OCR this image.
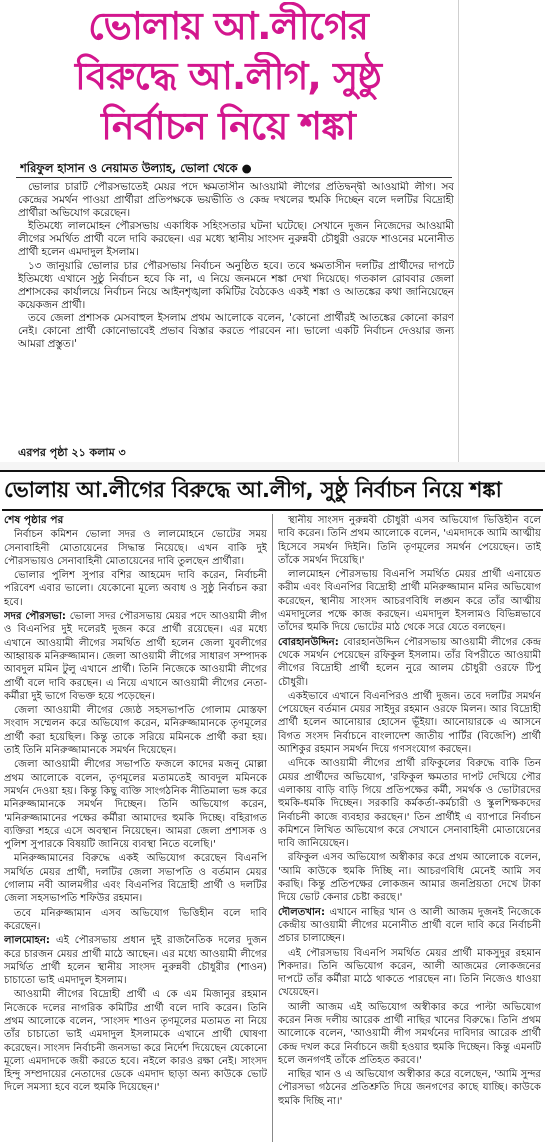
ভোলায় আ.লীগের
বিরুদ্ধে আ.লীগ, সুষ্ঠু
নির্বাচন নিয়ে শঙ্কা
শরিফুল হাসান ও নেয়ামত উল্যাহ, ভোলা থেকে ●

ভোলার চারটি পৌরসভাতেই মেয়র পদে ক্ষমতাসীন আওয়ামী লীগের প্রতিদ্বন্দ্বী আওয়ামী লীগ। সব কেন্দ্রের সমর্থন পাওয়া প্রার্থীরা প্রতিপক্ষকে ভয়ভীতি ও কেন্দ্র দখলের হুমকি দিচ্ছেন বলে দলটির বিদ্রোহী প্রার্থীরা অভিযোগ করেছেন।

ইতিমধ্যে লালমোহন পৌরসভায় একাধিক সহিংসতার ঘটনা ঘটেছে। সেখানে দুজন নিজেদের আওয়ামী লীগের সমর্থিত প্রার্থী বলে দাবি করছেন। এর মধ্যে স্থানীয় সাংসদ নুরুন্নবী চৌধুরী ওরফে শাওনের মনোনীত প্রার্থী হলেন এমদাদুল ইসলাম।

১৩ জানুয়ারি ভোলার চার পৌরসভায় নির্বাচন অনুষ্ঠিত হবে। তবে ক্ষমতাসীন দলটির প্রার্থীদের দাপটে ইতিমধ্যে এখানে সুষ্ঠু নির্বাচন হবে কি না, এ নিয়ে জনমনে শঙ্কা দেখা দিয়েছে। গতকাল রোববার জেলা প্রশাসকের কার্যালয়ে নির্বাচন নিয়ে আইনশৃঙ্খলা কমিটির বৈঠকেও একই শঙ্কা ও আতঙ্কের কথা জানিয়েছেন কয়েকজন প্রার্থী।

তবে জেলা প্রশাসক মেসবাহুল ইসলাম প্রথম আলোকে বলেন, 'কোনো প্রার্থীরই আতঙ্কের কোনো কারণ নেই। কোনো প্রার্থী কোনোভাবেই প্রভাব বিস্তার করতে পারবেন না। ভালো একটি নির্বাচন দেওয়ার জন্য আমরা প্রস্তুত।'

এরপর পৃষ্ঠা ২১ কলাম ৩
ভোলায় আ.লীগের বিরুদ্ধে আ.লীগ, সুষ্ঠু নির্বাচন নিয়ে শঙ্কা
শেষ পৃষ্ঠার পর

নির্বাচন কমিশন ভোলা সদর ও লালমোহনে ভোটের সময় সেনাবাহিনী মোতায়েনের সিদ্ধান্ত নিয়েছে। এখন বাকি দুই পৌরসভায়ও সেনাবাহিনী মোতায়েনের দাবি তুলছেন প্রার্থীরা।

ভোলার পুলিশ সুপার বশির আহমেদ দাবি করেন, নির্বাচনী পরিবেশ এবার ভালো। যেকোনো মূল্যে অবাধ ও সুষ্ঠু নির্বাচন করা হবে।

সদর পৌরসভা: ভোলা সদর পৌরসভায় মেয়র পদে আওয়ামী লীগ ও বিএনপির দুই দলেরই দুজন করে প্রার্থী রয়েছেন। এর মধ্যে এখানে আওয়ামী লীগের সমর্থিত প্রার্থী হলেন জেলা যুবলীগের আহ্বায়ক মনিরুজ্জামান। জেলা আওয়ামী লীগের সাধারণ সম্পাদক আবদুল মমিন টুলু এখানে প্রার্থী। তিনি নিজেকে আওয়ামী লীগের প্রার্থী বলে দাবি করছেন। এ নিয়ে এখানে আওয়ামী লীগের নেতা-কর্মীরা দুই ভাগে বিভক্ত হয়ে পড়েছেন।

জেলা আওয়ামী লীগের জ্যেষ্ঠ সহসভাপতি গোলাম মোস্তফা সংবাদ সম্মেলন করে অভিযোগ করেন, মনিরুজ্জামানকে তৃণমূলের প্রার্থী করা হয়েছিল। কিন্তু তাকে সরিয়ে মমিনকে প্রার্থী করা হয়। তাই তিনি মনিরুজ্জামানকে সমর্থন দিয়েছেন।

জেলা আওয়ামী লীগের সভাপতি ফজলে কাদের মজনু মোল্লা প্রথম আলোকে বলেন, তৃণমূলের মতামতেই আবদুল মমিনকে সমর্থন দেওয়া হয়। কিন্তু কিছু ব্যক্তি সাংগঠনিক নীতিমালা ভঙ্গ করে মনিরুজ্জামানকে সমর্থন দিচ্ছেন। তিনি অভিযোগ করেন, 'মনিরুজ্জামানের পক্ষের কর্মীরা আমাদের হুমকি দিচ্ছে। বহিরাগত ব্যক্তিরা শহরে এসে অবস্থান নিয়েছেন। আমরা জেলা প্রশাসক ও পুলিশ সুপারকে বিষয়টি জানিয়ে ব্যবস্থা নিতে বলেছি।'

মনিরুজ্জামানের বিরুদ্ধে একই অভিযোগ করেছেন বিএনপি সমর্থিত মেয়র প্রার্থী, দলটির জেলা সভাপতি ও বর্তমান মেয়র গোলাম নবী আলমগীর এবং বিএনপির বিদ্রোহী প্রার্থী ও দলটির জেলা সহসভাপতি শফিউর রহমান।

তবে মনিরুজ্জামান এসব অভিযোগ ভিত্তিহীন বলে দাবি করেছেন।

লালমোহন: এই পৌরসভায় প্রধান দুই রাজনৈতিক দলের দুজন করে চারজন মেয়র প্রার্থী মাঠে আছেন। এর মধ্যে আওয়ামী লীগের সমর্থিত প্রার্থী হলেন স্থানীয় সাংসদ নুরুন্নবী চৌধুরীর (শাওন) চাচাতো ভাই এমদাদুল ইসলাম।

আওয়ামী লীগের বিদ্রোহী প্রার্থী এ কে এম মিজানুর রহমান নিজেকে দলের নাগরিক কমিটির প্রার্থী বলে দাবি করেন। তিনি প্রথম আলোকে বলেন, 'সাংসদ শাওন তৃণমূলের মতামত না নিয়ে তাঁর চাচাতো ভাই এমদাদুল ইসলামকে এখানে প্রার্থী ঘোষণা করেছেন। সাংসদ নির্বাচনী জনসভা করে নির্দেশ দিয়েছেন যেকোনো মূল্যে এমদাদকে জয়ী করতে হবে। নইলে কারও রক্ষা নেই। সাংসদ হিন্দু সম্প্রদায়ের নেতাদের ডেকে এমদাদ ছাড়া অন্য কাউকে ভোট দিলে সমস্যা হবে বলে হুমকি দিয়েছেন।'

স্থানীয় সাংসদ নুরুন্নবী চৌধুরী এসব অভিযোগ ভিত্তিহীন বলে দাবি করেন। তিনি প্রথম আলোকে বলেন, 'এমদাদকে আমি আত্মীয় হিসেবে সমর্থন দিইনি। তিনি তৃণমূলের সমর্থন পেয়েছেন। তাই তাঁকে সমর্থন দিয়েছি।'

লালমোহন পৌরসভায় বিএনপি সমর্থিত মেয়র প্রার্থী এনায়েত করীম এবং বিএনপির বিদ্রোহী প্রার্থী মনিরুজ্জামান মনির অভিযোগ করেছেন, স্থানীয় সাংসদ আচরণবিধি লঙ্ঘন করে তাঁর আত্মীয় এমদাদুলের পক্ষে কাজ করছেন। এমদাদুল ইসলামও বিভিন্নভাবে তাঁদের হুমকি দিয়ে ভোটের মাঠ থেকে সরে যেতে বলছেন।

বোরহানউদ্দিন: বোরহানউদ্দিন পৌরসভায় আওয়ামী লীগের কেন্দ্র থেকে সমর্থন পেয়েছেন রফিকুল ইসলাম। তাঁর বিপরীতে আওয়ামী লীগের বিদ্রোহী প্রার্থী হলেন নুরে আলম চৌধুরী ওরফে টিপু চৌধুরী।

একইভাবে এখানে বিএনপিরও প্রার্থী দুজন। তবে দলটির সমর্থন পেয়েছেন বর্তমান মেয়র সাইদুর রহমান ওরফে মিলন। আর বিদ্রোহী প্রার্থী হলেন আনোয়ার হোসেন ভূঁইয়া। আনোয়ারকে এ আসনে বিগত সংসদ নির্বাচনে বাংলাদেশ জাতীয় পার্টির (বিজেপি) প্রার্থী আশিকুর রহমান সমর্থন দিয়ে গণসংযোগ করছেন।

এদিকে আওয়ামী লীগের প্রার্থী রফিকুলের বিরুদ্ধে বাকি তিন মেয়র প্রার্থীদের অভিযোগ, 'রফিকুল ক্ষমতার দাপট দেখিয়ে পৌর এলাকায় বাড়ি বাড়ি গিয়ে প্রতিপক্ষের কর্মী, সমর্থক ও ভোটারদের হুমকি-ধমকি দিচ্ছেন। সরকারি কর্মকর্তা-কর্মচারী ও স্কুলশিক্ষকদের নির্বাচনী কাজে ব্যবহার করছেন।' তিন প্রার্থীই এ ব্যাপারে নির্বাচন কমিশনে লিখিত অভিযোগ করে সেখানে সেনাবাহিনী মোতায়েনের দাবি জানিয়েছেন।

রফিকুল এসব অভিযোগ অস্বীকার করে প্রথম আলোকে বলেন, 'আমি কাউকে হুমকি দিচ্ছি না। আচরণবিধি মেনেই আমি সব করছি। কিন্তু প্রতিপক্ষের লোকজন আমার জনপ্রিয়তা দেখে টাকা দিয়ে ভোট কেনার চেষ্টা করছে।'

দৌলতখান: এখানে নাছির খান ও আলী আজম দুজনই নিজেকে কেন্দ্রীয় আওয়ামী লীগের মনোনীত প্রার্থী বলে দাবি করে নির্বাচনী প্রচার চালাচ্ছেন।

এই পৌরসভায় বিএনপি সমর্থিত মেয়র প্রার্থী মাকসুদুর রহমান শিকদার। তিনি অভিযোগ করেন, আলী আজমের লোকজনের দাপটে তাঁর কর্মীরা মাঠে থাকতে পারছেন না। তিনি নিজেও ধাওয়া খেয়েছেন।

আলী আজম এই অভিযোগ অস্বীকার করে পাল্টা অভিযোগ করেন নিজ দলীয় আরেক প্রার্থী নাছির খানের বিরুদ্ধে। তিনি প্রথম আলোকে বলেন, 'আওয়ামী লীগ সমর্থনের দাবিদার আরেক প্রার্থী কেন্দ্র দখল করে নির্বাচনে জয়ী হওয়ার হুমকি দিচ্ছেন। কিন্তু এমনটি হলে জনগণই তাঁকে প্রতিহত করবে।'

নাছির খান ও এ অভিযোগ অস্বীকার করে বলেছেন, 'আমি সুন্দর পৌরসভা গঠনের প্রতিশ্রুতি দিয়ে জনগণের কাছে যাচ্ছি। কাউকে হুমকি দিচ্ছি না।'
